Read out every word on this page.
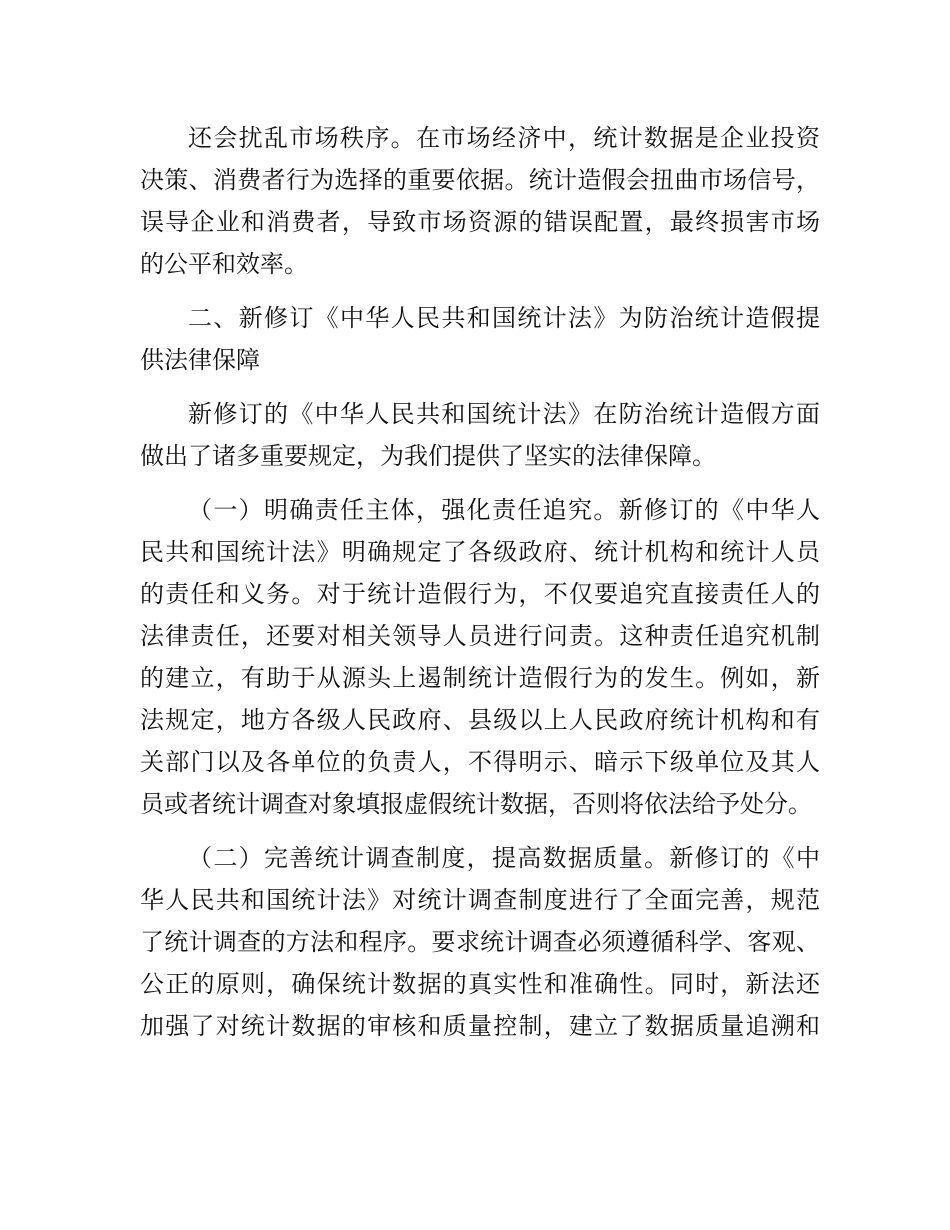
还会扰乱市场秩序。在市场经济中，统计数据是企业投资
决策、消费者行为选择的重要依据。统计造假会扭曲市场信号，
误导企业和消费者，导致市场资源的错误配置，最终损害市场
的公平和效率。
二、新修订《中华人民共和国统计法》为防治统计造假提
供法律保障
新修订的《中华人民共和国统计法》在防治统计造假方面
做出了诸多重要规定，为我们提供了坚实的法律保障。
（一）明确责任主体，强化责任追究。新修订的《中华人
民共和国统计法》明确规定了各级政府、统计机构和统计人员
的责任和义务。对于统计造假行为，不仅要追究直接责任人的
法律责任，还要对相关领导人员进行问责。这种责任追究机制
的建立，有助于从源头上遏制统计造假行为的发生。例如，新
法规定，地方各级人民政府、县级以上人民政府统计机构和有
关部门以及各单位的负责人，不得明示、暗示下级单位及其人
员或者统计调查对象填报虚假统计数据，否则将依法给予处分。
（二）完善统计调查制度，提高数据质量。新修订的《中
华人民共和国统计法》对统计调查制度进行了全面完善，规范
了统计调查的方法和程序。要求统计调查必须遵循科学、客观、
公正的原则，确保统计数据的真实性和准确性。同时，新法还
加强了对统计数据的审核和质量控制，建立了数据质量追溯和
